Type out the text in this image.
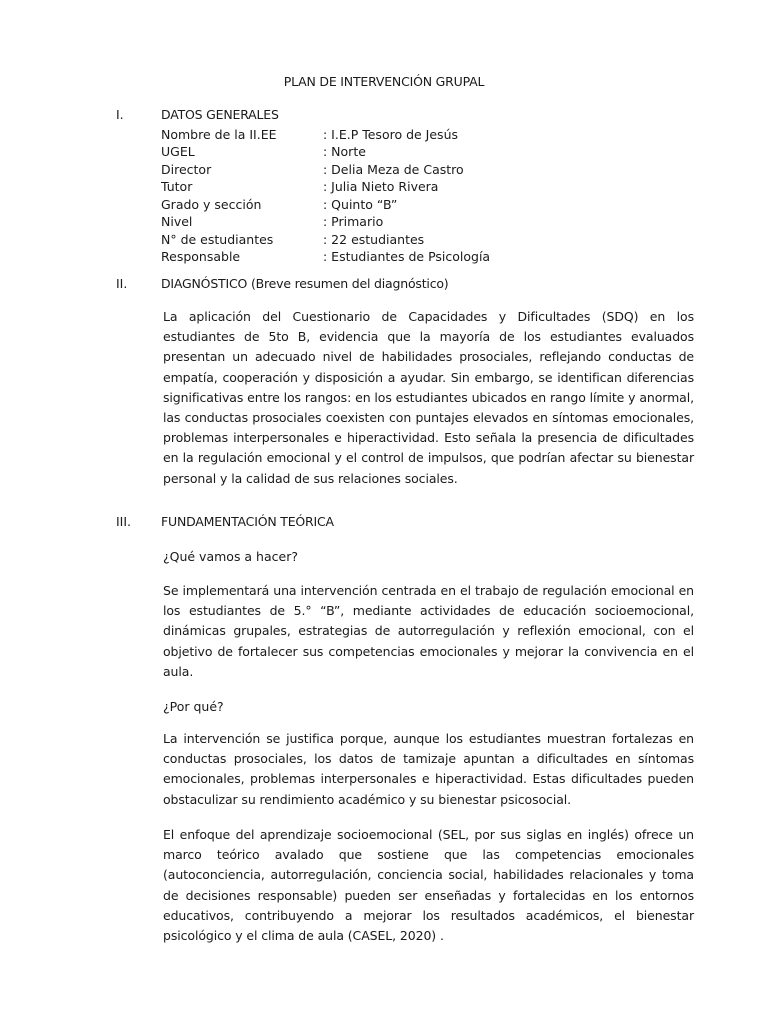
PLAN DE INTERVENCIÓN GRUPAL
I.	DATOS GENERALES
Nombre de la II.EE	: I.E.P Tesoro de Jesús
UGEL	: Norte
Director	: Delia Meza de Castro
Tutor	: Julia Nieto Rivera
Grado y sección	: Quinto “B”
Nivel	: Primario
N° de estudiantes	: 22 estudiantes
Responsable	: Estudiantes de Psicología
II.	DIAGNÓSTICO (Breve resumen del diagnóstico)
La aplicación del Cuestionario de Capacidades y Dificultades (SDQ) en los estudiantes de 5to B, evidencia que la mayoría de los estudiantes evaluados presentan un adecuado nivel de habilidades prosociales, reflejando conductas de empatía, cooperación y disposición a ayudar. Sin embargo, se identifican diferencias significativas entre los rangos: en los estudiantes ubicados en rango límite y anormal, las conductas prosociales coexisten con puntajes elevados en síntomas emocionales, problemas interpersonales e hiperactividad. Esto señala la presencia de dificultades en la regulación emocional y el control de impulsos, que podrían afectar su bienestar personal y la calidad de sus relaciones sociales.
III. FUNDAMENTACIÓN TEÓRICA
¿Qué vamos a hacer?
Se implementará una intervención centrada en el trabajo de regulación emocional en los estudiantes de 5.° “B”, mediante actividades de educación socioemocional, dinámicas grupales, estrategias de autorregulación y reflexión emocional, con el objetivo de fortalecer sus competencias emocionales y mejorar la convivencia en el aula.
¿Por qué?
La intervención se justifica porque, aunque los estudiantes muestran fortalezas en conductas prosociales, los datos de tamizaje apuntan a dificultades en síntomas emocionales, problemas interpersonales e hiperactividad. Estas dificultades pueden obstaculizar su rendimiento académico y su bienestar psicosocial.
El enfoque del aprendizaje socioemocional (SEL, por sus siglas en inglés) ofrece un marco teórico avalado que sostiene que las competencias emocionales (autoconciencia, autorregulación, conciencia social, habilidades relacionales y toma de decisiones responsable) pueden ser enseñadas y fortalecidas en los entornos educativos, contribuyendo a mejorar los resultados académicos, el bienestar psicológico y el clima de aula (CASEL, 2020) .
